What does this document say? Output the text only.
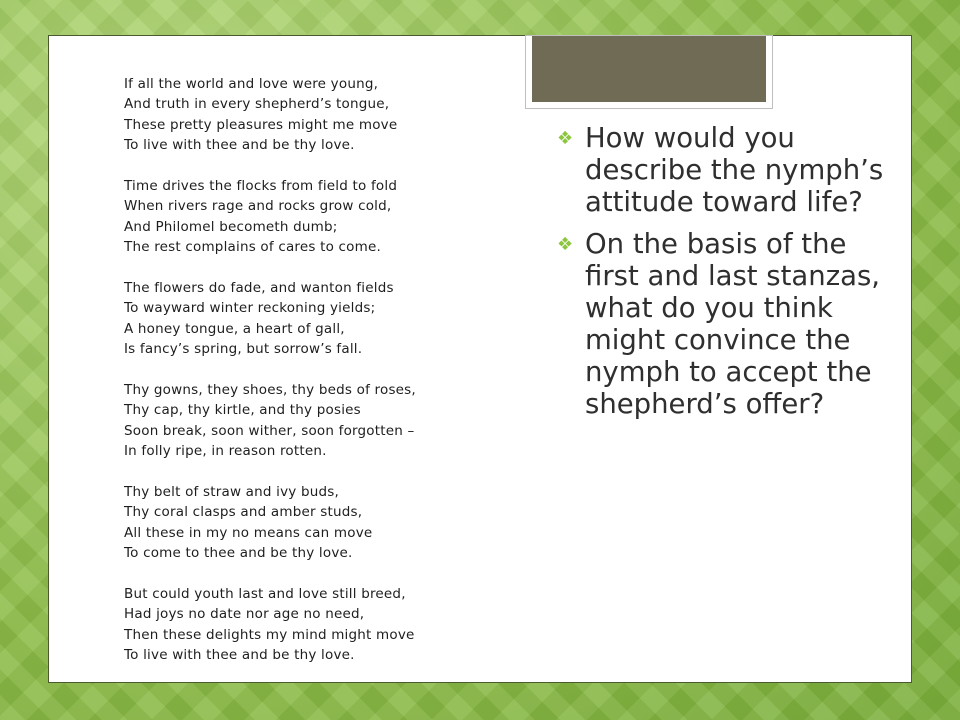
If all the world and love were young,
And truth in every shepherd’s tongue,
These pretty pleasures might me move
To live with thee and be thy love.
Time drives the flocks from field to fold
When rivers rage and rocks grow cold,
And Philomel becometh dumb;
The rest complains of cares to come.
The flowers do fade, and wanton fields
To wayward winter reckoning yields;
A honey tongue, a heart of gall,
Is fancy’s spring, but sorrow’s fall.
Thy gowns, they shoes, thy beds of roses,
Thy cap, thy kirtle, and thy posies
Soon break, soon wither, soon forgotten –
In folly ripe, in reason rotten.
Thy belt of straw and ivy buds,
Thy coral clasps and amber studs,
All these in my no means can move
To come to thee and be thy love.
But could youth last and love still breed,
Had joys no date nor age no need,
Then these delights my mind might move
To live with thee and be thy love.
❖ How would you describe the nymph’s attitude toward life?
❖ On the basis of the first and last stanzas, what do you think might convince the nymph to accept the shepherd’s offer?
